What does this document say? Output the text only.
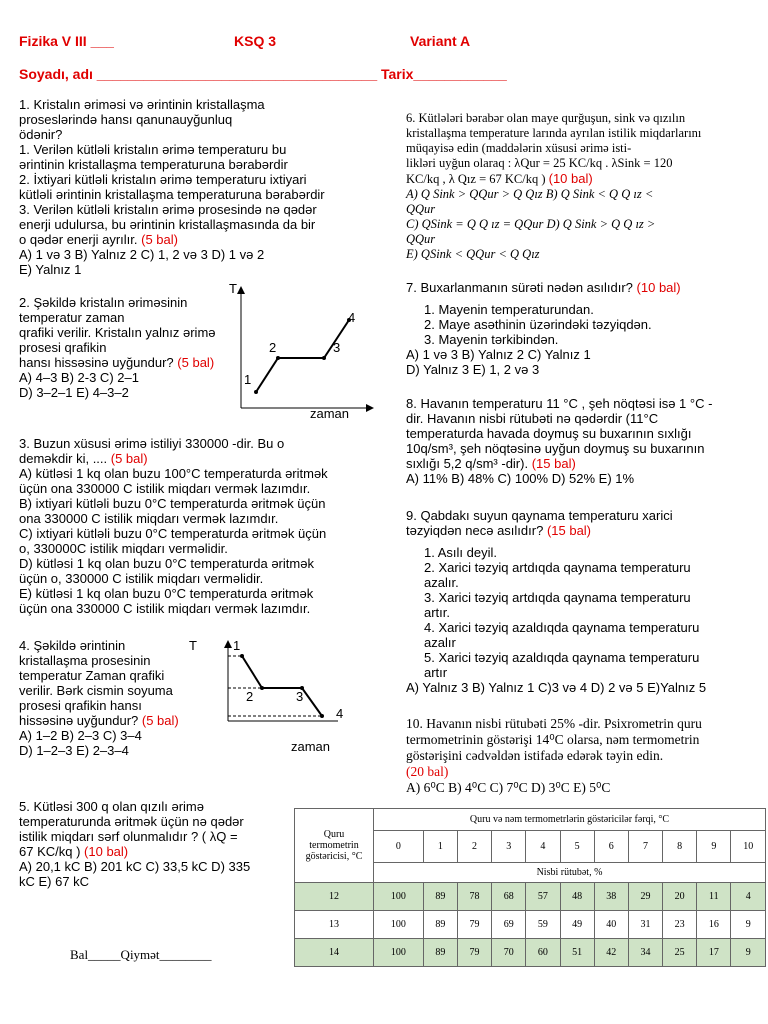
Fizika V III ___	KSQ 3	Variant A
Soyadı, adı ____________________________________ Tarix____________
1. Kristalın əriməsi və ərintinin kristallaşma
proseslərində hansı qanunauyğunluq
ödənir?
1. Verilən kütləli kristalın ərimə temperaturu bu
ərintinin kristallaşma temperaturuna bərabərdir
2. İxtiyari kütləli kristalın ərimə temperaturu ixtiyari
kütləli ərintinin kristallaşma temperaturuna bərabərdir
3. Verilən kütləli kristalın ərimə prosesində nə qədər
enerji udulursa, bu ərintinin kristallaşmasında da bir
o qədər enerji ayrılır. (5 bal)
A) 1 və 3 B) Yalnız 2 C) 1, 2 və 3 D) 1 və 2
E) Yalnız 1
2. Şəkildə kristalın əriməsinin
temperatur zaman
qrafiki verilir. Kristalın yalnız ərimə
prosesi qrafikin
hansı hissəsinə uyğundur? (5 bal)
A) 4–3 B) 2-3 C) 2–1
D) 3–2–1 E) 4–3–2
T
1
2	3
4
zaman
3. Buzun xüsusi ərimə istiliyi 330000 -dir. Bu o
deməkdir ki, .... (5 bal)
A) kütləsi 1 kq olan buzu 100°C temperaturda əritmək
üçün ona 330000 C istilik miqdarı vermək lazımdır.
B) ixtiyari kütləli buzu 0°C temperaturda əritmək üçün
ona 330000 C istilik miqdarı vermək lazımdır.
C) ixtiyari kütləli buzu 0°C temperaturda əritmək üçün
o, 330000C istilik miqdarı verməlidir.
D) kütləsi 1 kq olan buzu 0°C temperaturda əritmək
üçün o, 330000 C istilik miqdarı verməlidir.
E) kütləsi 1 kq olan buzu 0°C temperaturda əritmək
üçün ona 330000 C istilik miqdarı vermək lazımdır.
4. Şəkildə ərintinin
kristallaşma prosesinin
temperatur Zaman qrafiki
verilir. Bərk cismin soyuma
prosesi qrafikin hansı
hissəsinə uyğundur? (5 bal)
A) 1–2 B) 2–3 C) 3–4
D) 1–2–3 E) 2–3–4
T	1
2	3
4
zaman
5. Kütləsi 300 q olan qızılı ərimə
temperaturunda əritmək üçün nə qədər
istilik miqdarı sərf olunmalıdır ? ( λQ =
67 KC/kq ) (10 bal)
A) 20,1 kC B) 201 kC C) 33,5 kC D) 335
kC E) 67 kC
Bal_____Qiymət________
6. Kütlələri bərabər olan maye qurğuşun, sink və qızılın
kristallaşma temperature larında ayrılan istilik miqdarlarını
müqayisə edin (maddələrin xüsusi ərimə isti-
likləri uyğun olaraq : λQur = 25 KC/kq . λSink = 120
KC/kq , λ Qız = 67 KC/kq ) (10 bal)
A) Q Sink > QQur > Q Qız B) Q Sink < Q Q ız <
QQur
C) QSink = Q Q ız = QQur D) Q Sink > Q Q ız >
QQur
E) QSink < QQur < Q Qız
7. Buxarlanmanın sürəti nədən asılıdır? (10 bal)
1. Mayenin temperaturundan.
2. Maye asəthinin üzərindəki təzyiqdən.
3. Mayenin tərkibindən.
A) 1 və 3 B) Yalnız 2 C) Yalnız 1
D) Yalnız 3 E) 1, 2 və 3
8. Havanın temperaturu 11 °C , şeh nöqtəsi isə 1 °C -
dir. Havanın nisbi rütubəti nə qədərdir (11°C
temperaturda havada doymuş su buxarının sıxlığı
10q/sm³, şeh nöqtəsinə uyğun doymuş su buxarının
sıxlığı 5,2 q/sm³ -dir). (15 bal)
A) 11% B) 48% C) 100% D) 52% E) 1%
9. Qabdakı suyun qaynama temperaturu xarici
təzyiqdən necə asılıdır? (15 bal)
1. Asılı deyil.
2. Xarici təzyiq artdıqda qaynama temperaturu
azalır.
3. Xarici təzyiq artdıqda qaynama temperaturu
artır.
4. Xarici təzyiq azaldıqda qaynama temperaturu
azalır
5. Xarici təzyiq azaldıqda qaynama temperaturu
artır
A) Yalnız 3 B) Yalnız 1 C)3 və 4 D) 2 və 5 E)Yalnız 5
10. Havanın nisbi rütubəti 25% -dir. Psixrometrin quru
termometrinin göstərişi 14⁰C olarsa, nəm termometrin
göstərişini cədvəldən istifadə edərək təyin edin.
(20 bal)
A) 6⁰C B) 4⁰C C) 7⁰C D) 3⁰C E) 5⁰C
Quru
termometrin
göstəricisi, °C	Quru və nəm termometrlərin göstəricilər fərqi, °C										
	0	1	2	3	4	5	6	7	8	9	10
	Nisbi rütubət, %										
12	100	89	78	68	57	48	38	29	20	11	4
13	100	89	79	69	59	49	40	31	23	16	9
14	100	89	79	70	60	51	42	34	25	17	9
